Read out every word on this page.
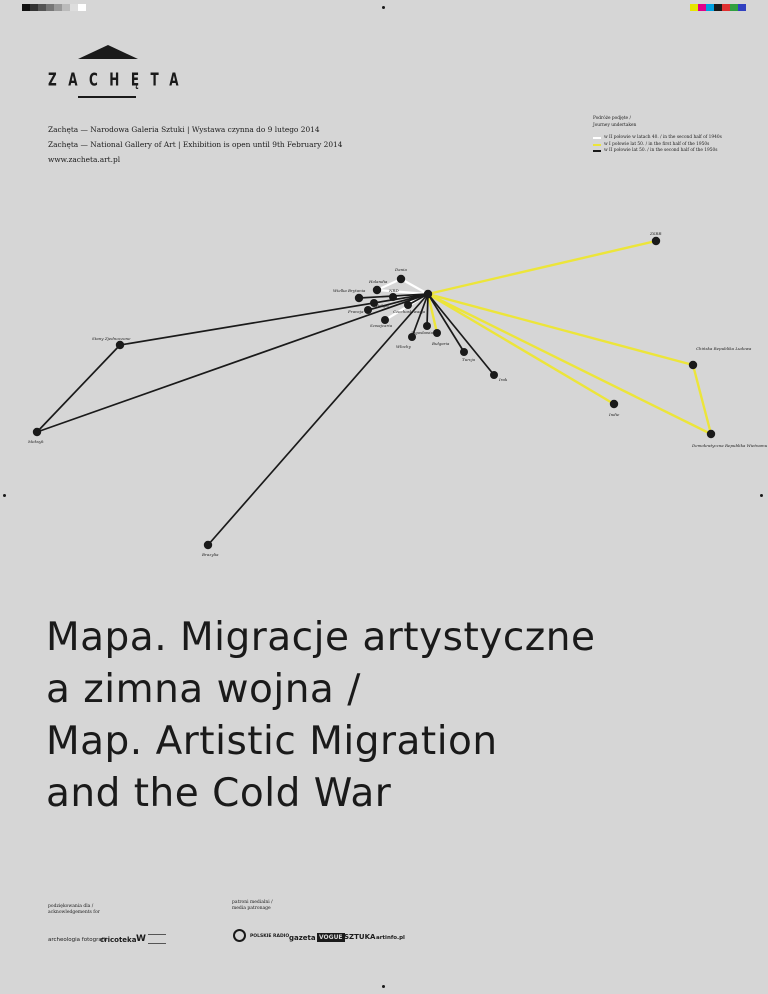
ZACHĘTA
Zachęta — Narodowa Galeria Sztuki | Wystawa czynna do 9 lutego 2014
Zachęta — National Gallery of Art | Exhibition is open until 9th February 2014
www.zacheta.art.pl
Podróże podjęte /
Journey undertaken
w II połowie w latach 40. / in the second half of 1940s
w I połowie lat 50. / in the first half of the 1950s
w II połowie lat 50. / in the second half of the 1950s
ZSRR
Dania
Holandia
Wielka Brytania	NRD
Belgia
Francja	Czechosłowacja
Szwajcaria
Jugosławia
Stany Zjednoczone
Włochy
Bułgaria
Chińska Republika Ludowa
Turcja
Irak
Indie
Meksyk
Demokratyczna Republika Wietnamu
Brazylia
Mapa. Migracje artystyczne
a zimna wojna /
Map. Artistic Migration
and the Cold War
podziękowania dla /
acknowledgements for
patroni medialni /
media patronage
archeologia fotografii
cricoteka W	POLSKIE RADIO gazeta VOGUE SZTUKA artinfo.pl
